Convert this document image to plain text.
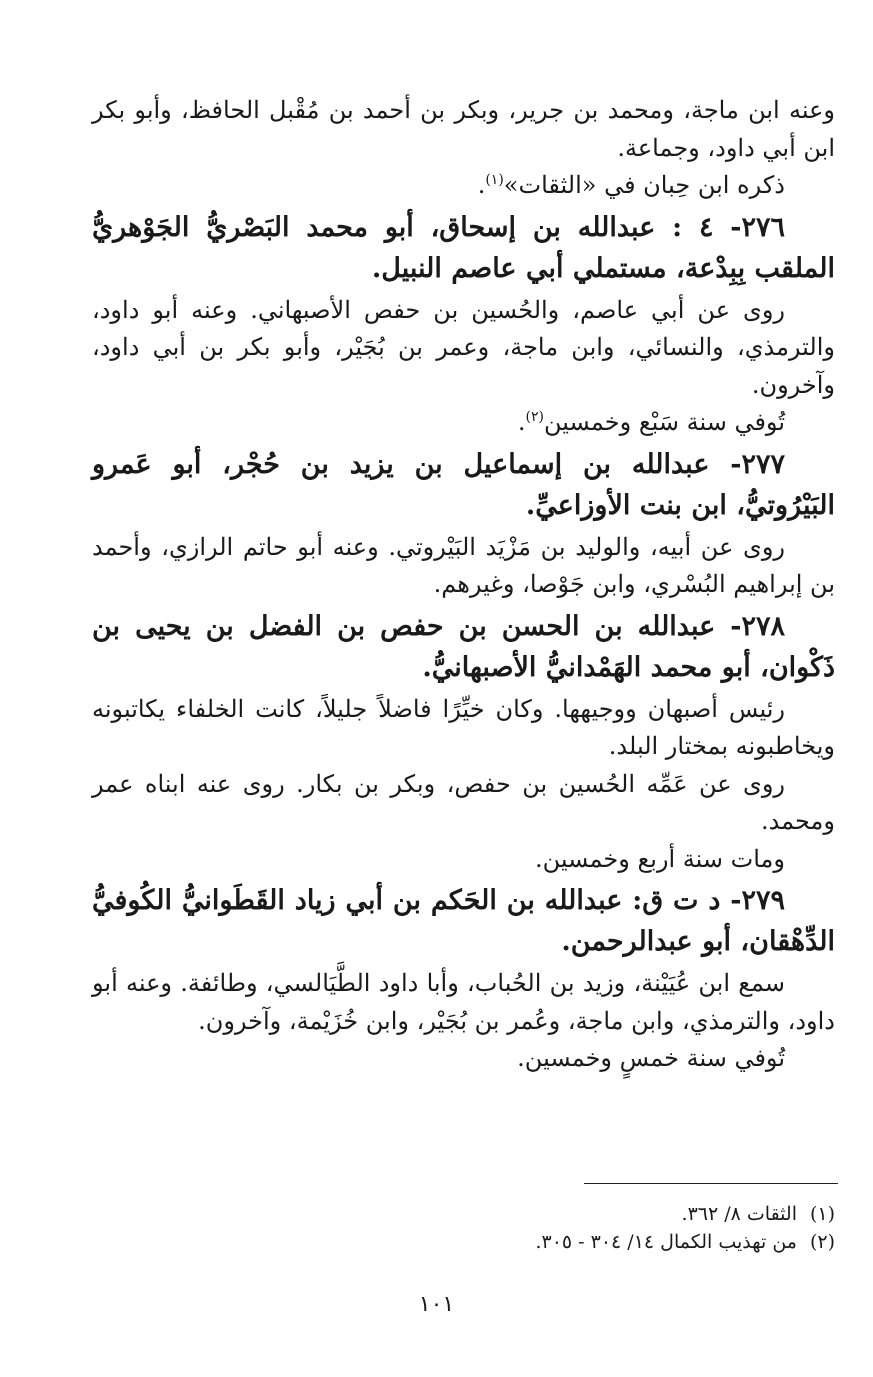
وعنه ابن ماجة، ومحمد بن جرير، وبكر بن أحمد بن مُقْبل الحافظ، وأبو بكر ابن أبي داود، وجماعة.

ذكره ابن حِبان في «الثقات»$^{(١)}$.

٢٧٦- ٤ : عبدالله بن إسحاق، أبو محمد البَصْريُّ الجَوْهريُّ الملقب بِبِدْعة، مستملي أبي عاصم النبيل.

روى عن أبي عاصم، والحُسين بن حفص الأصبهاني. وعنه أبو داود، والترمذي، والنسائي، وابن ماجة، وعمر بن بُجَيْر، وأبو بكر بن أبي داود، وآخرون.

تُوفي سنة سَبْع وخمسين$^{(٢)}$.

٢٧٧- عبدالله بن إسماعيل بن يزيد بن حُجْر، أبو عَمرو البَيْرُوتيُّ، ابن بنت الأوزاعيِّ.

روى عن أبيه، والوليد بن مَزْيَد البَيْروتي. وعنه أبو حاتم الرازي، وأحمد بن إبراهيم البُسْري، وابن جَوْصا، وغيرهم.

٢٧٨- عبدالله بن الحسن بن حفص بن الفضل بن يحيى بن ذَكْوان، أبو محمد الهَمْدانيُّ الأصبهانيُّ.

رئيس أصبهان ووجيهها. وكان خيِّرًا فاضلاً جليلاً، كانت الخلفاء يكاتبونه ويخاطبونه بمختار البلد.

روى عن عَمِّه الحُسين بن حفص، وبكر بن بكار. روى عنه ابناه عمر ومحمد.

ومات سنة أربع وخمسين.

٢٧٩- د ت ق: عبدالله بن الحَكم بن أبي زياد القَطَوانيُّ الكُوفيُّ الدِّهْقان، أبو عبدالرحمن.

سمع ابن عُيَيْنة، وزيد بن الحُباب، وأبا داود الطَّيَالسي، وطائفة. وعنه أبو داود، والترمذي، وابن ماجة، وعُمر بن بُجَيْر، وابن خُزَيْمة، وآخرون.

تُوفي سنة خمسٍ وخمسين.

(١)الثقات ٨/ ٣٦٢.
(٢)من تهذيب الكمال ١٤/ ٣٠٤ - ٣٠٥.
١٠١
